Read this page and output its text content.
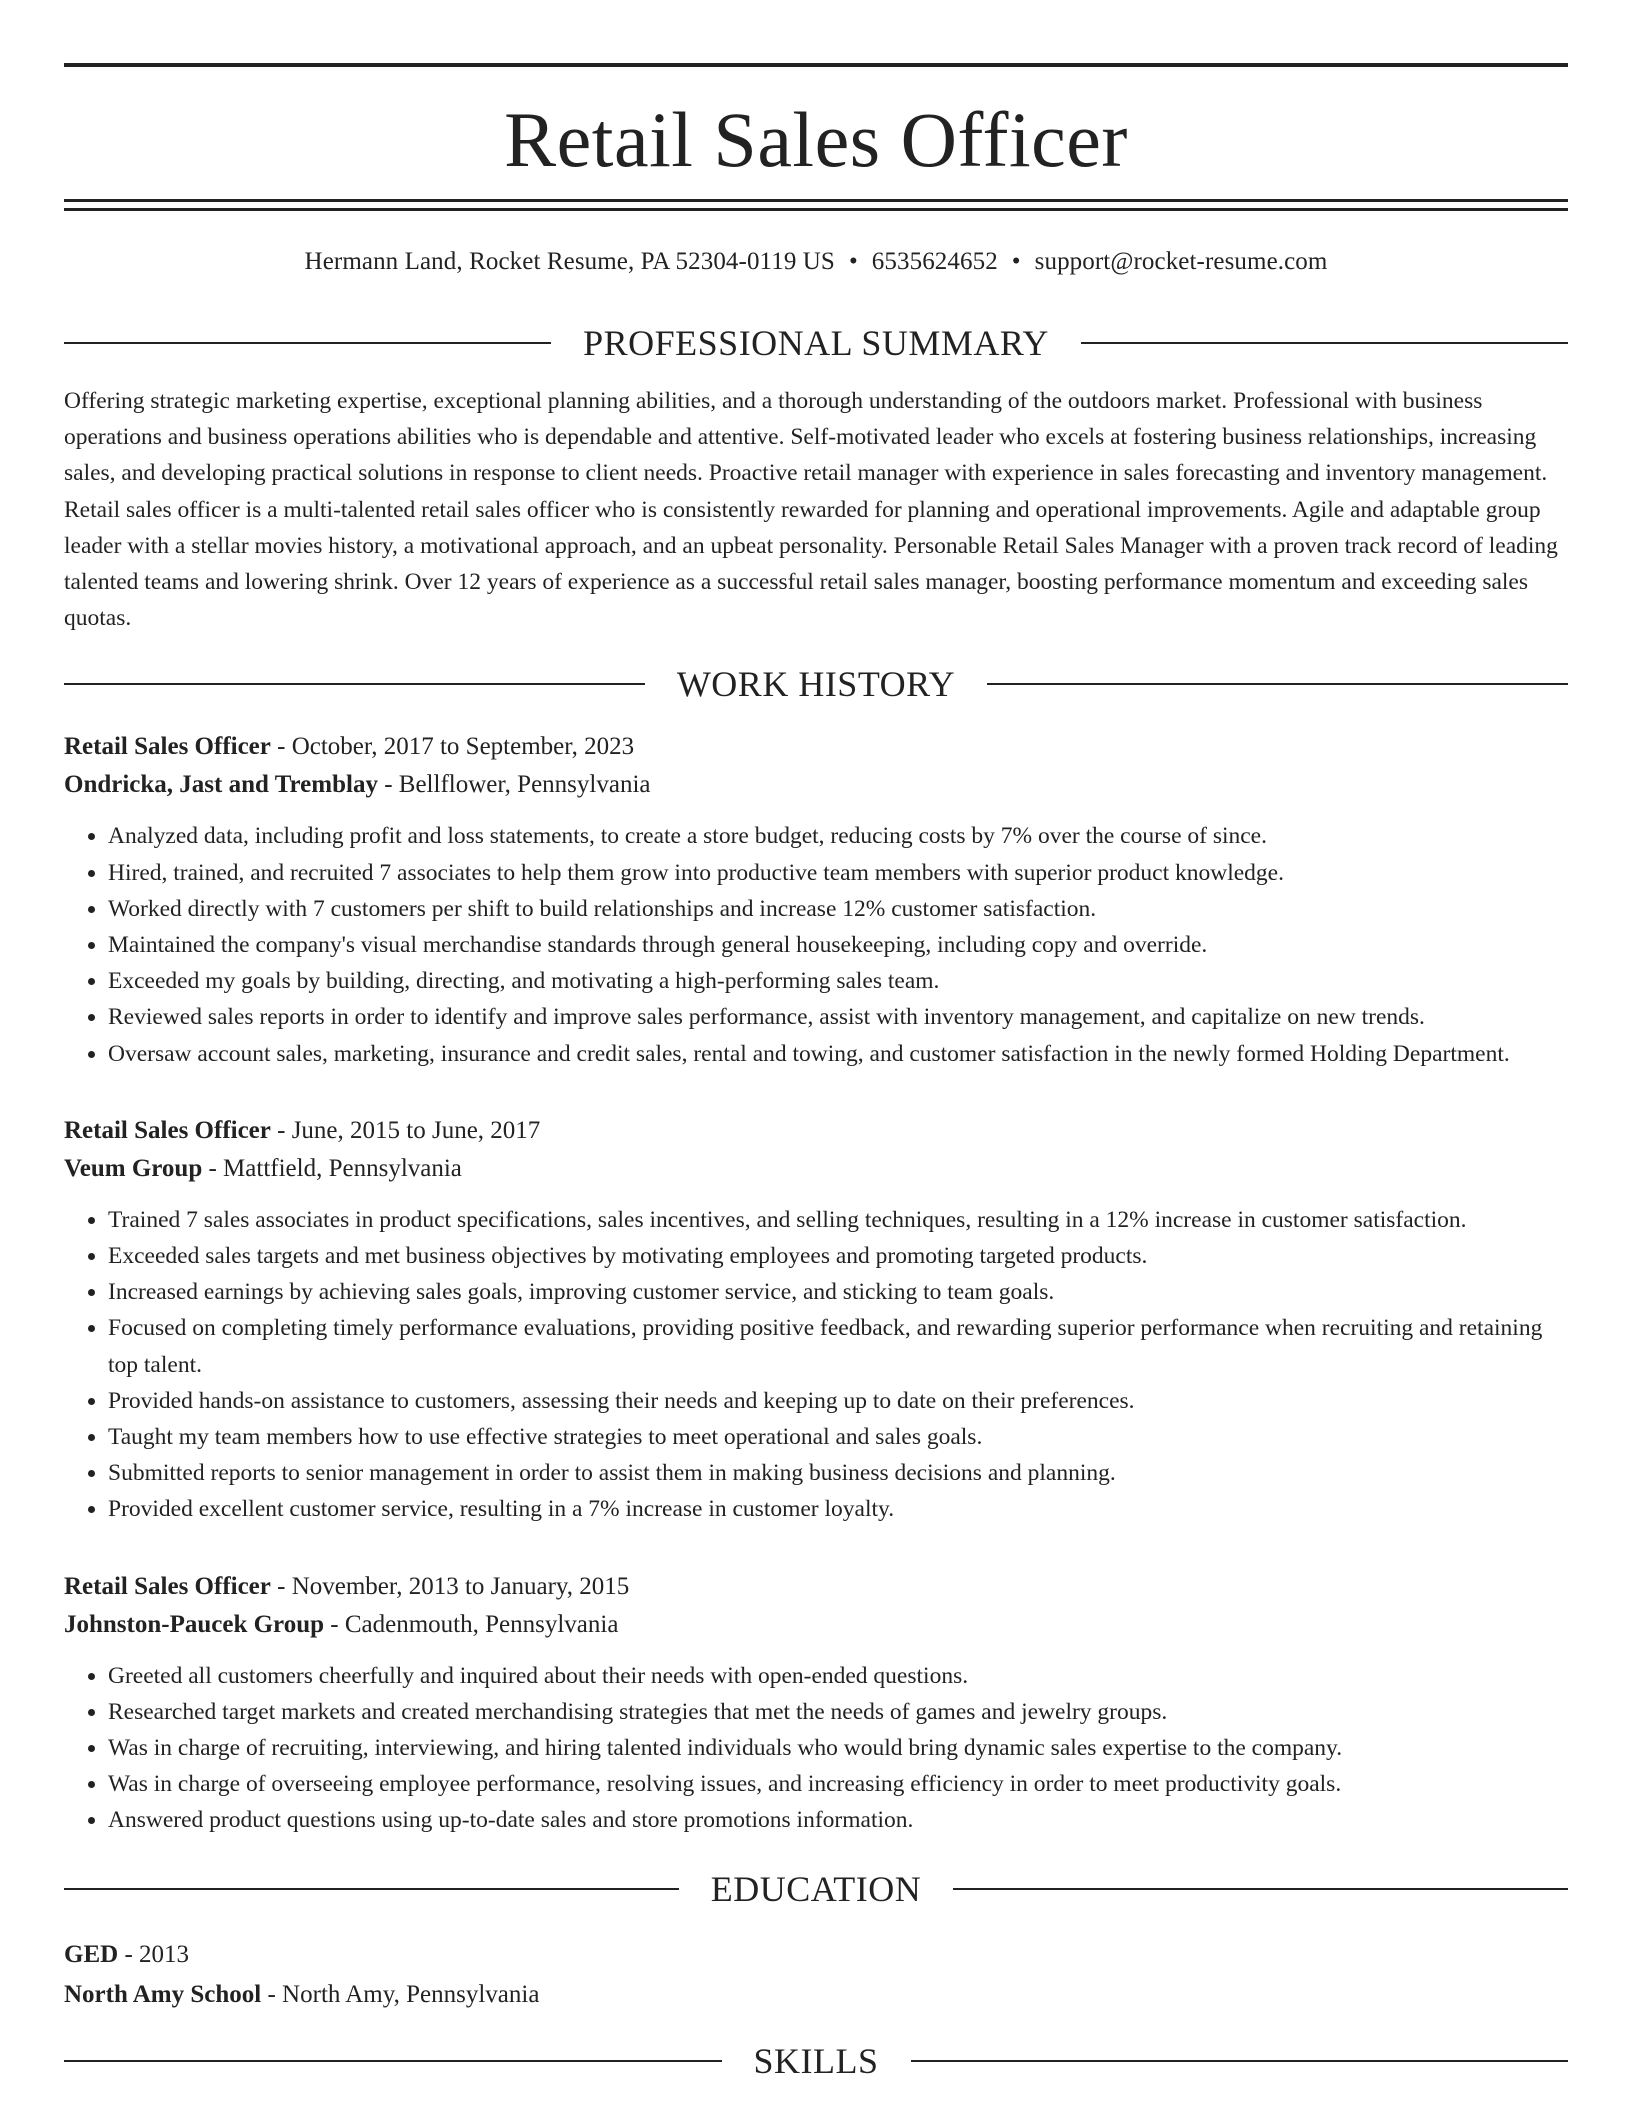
Retail Sales Officer
Hermann Land, Rocket Resume, PA 52304-0119 US • 6535624652 • support@rocket-resume.com
PROFESSIONAL SUMMARY
Offering strategic marketing expertise, exceptional planning abilities, and a thorough understanding of the outdoors market. Professional with business operations and business operations abilities who is dependable and attentive. Self-motivated leader who excels at fostering business relationships, increasing sales, and developing practical solutions in response to client needs. Proactive retail manager with experience in sales forecasting and inventory management. Retail sales officer is a multi-talented retail sales officer who is consistently rewarded for planning and operational improvements. Agile and adaptable group leader with a stellar movies history, a motivational approach, and an upbeat personality. Personable Retail Sales Manager with a proven track record of leading talented teams and lowering shrink. Over 12 years of experience as a successful retail sales manager, boosting performance momentum and exceeding sales quotas.
WORK HISTORY
Retail Sales Officer - October, 2017 to September, 2023
Ondricka, Jast and Tremblay - Bellflower, Pennsylvania
• Analyzed data, including profit and loss statements, to create a store budget, reducing costs by 7% over the course of since.
• Hired, trained, and recruited 7 associates to help them grow into productive team members with superior product knowledge.
• Worked directly with 7 customers per shift to build relationships and increase 12% customer satisfaction.
• Maintained the company's visual merchandise standards through general housekeeping, including copy and override.
• Exceeded my goals by building, directing, and motivating a high-performing sales team.
• Reviewed sales reports in order to identify and improve sales performance, assist with inventory management, and capitalize on new trends.
• Oversaw account sales, marketing, insurance and credit sales, rental and towing, and customer satisfaction in the newly formed Holding Department.
Retail Sales Officer - June, 2015 to June, 2017
Veum Group - Mattfield, Pennsylvania
• Trained 7 sales associates in product specifications, sales incentives, and selling techniques, resulting in a 12% increase in customer satisfaction.
• Exceeded sales targets and met business objectives by motivating employees and promoting targeted products.
• Increased earnings by achieving sales goals, improving customer service, and sticking to team goals.
• Focused on completing timely performance evaluations, providing positive feedback, and rewarding superior performance when recruiting and retaining top talent.
• Provided hands-on assistance to customers, assessing their needs and keeping up to date on their preferences.
• Taught my team members how to use effective strategies to meet operational and sales goals.
• Submitted reports to senior management in order to assist them in making business decisions and planning.
• Provided excellent customer service, resulting in a 7% increase in customer loyalty.
Retail Sales Officer - November, 2013 to January, 2015
Johnston-Paucek Group - Cadenmouth, Pennsylvania
• Greeted all customers cheerfully and inquired about their needs with open-ended questions.
• Researched target markets and created merchandising strategies that met the needs of games and jewelry groups.
• Was in charge of recruiting, interviewing, and hiring talented individuals who would bring dynamic sales expertise to the company.
• Was in charge of overseeing employee performance, resolving issues, and increasing efficiency in order to meet productivity goals.
• Answered product questions using up-to-date sales and store promotions information.
EDUCATION
GED - 2013
North Amy School - North Amy, Pennsylvania
SKILLS
